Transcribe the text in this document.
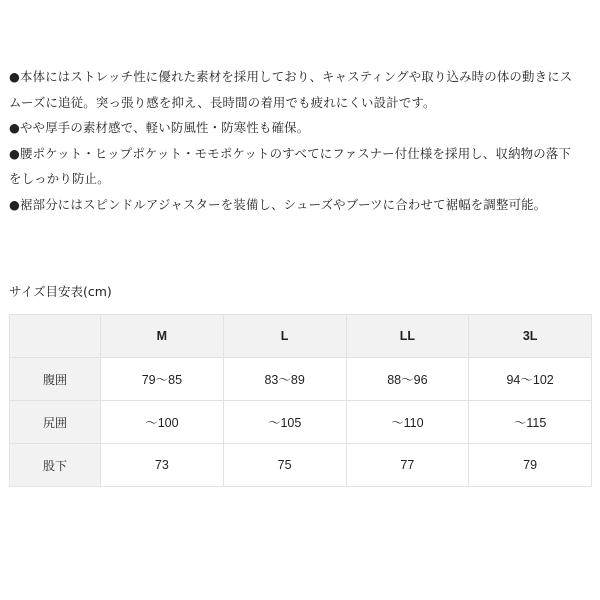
●本体にはストレッチ性に優れた素材を採用しており、キャスティングや取り込み時の体の動きにス

ムーズに追従。突っ張り感を抑え、長時間の着用でも疲れにくい設計です。

●やや厚手の素材感で、軽い防風性・防寒性も確保。

●腰ポケット・ヒップポケット・モモポケットのすべてにファスナー付仕様を採用し、収納物の落下

をしっかり防止。

●裾部分にはスピンドルアジャスターを装備し、シューズやブーツに合わせて裾幅を調整可能。

サイズ目安表(cm)
	M	L	LL	3L
腹囲	79〜85	83〜89	88〜96	94〜102
尻囲	〜100	〜105	〜110	〜115
股下	73	75	77	79
